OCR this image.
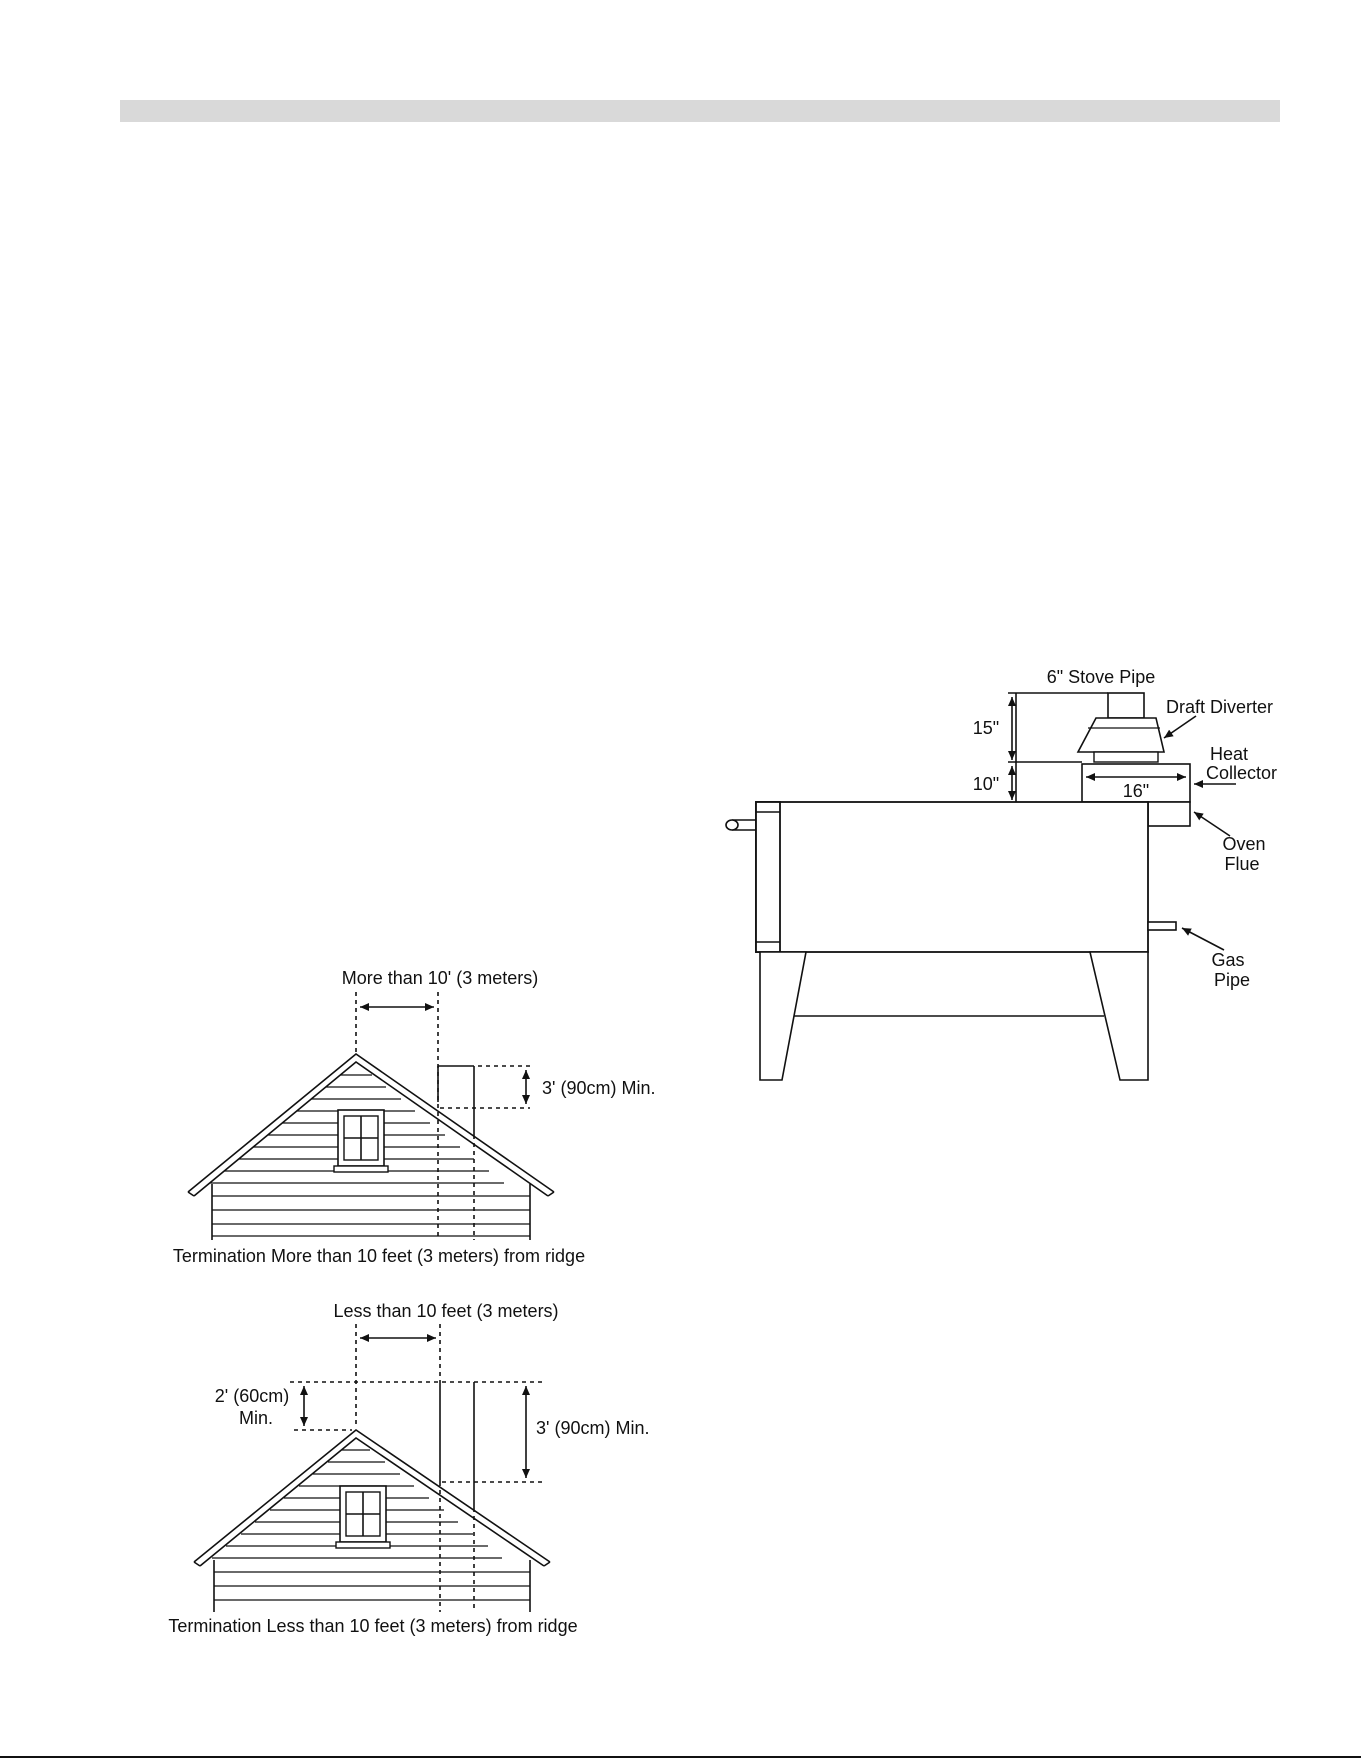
More than 10' (3 meters)
3' (90cm) Min.
Termination More than 10 feet (3 meters) from ridge
Less than 10 feet (3 meters)
2' (60cm)
Min.	3' (90cm) Min.
Termination Less than 10 feet (3 meters) from ridge
6" Stove Pipe
15"
10"
Draft Diverter
16"
Heat
Collector
Oven
Flue
Gas
Pipe
